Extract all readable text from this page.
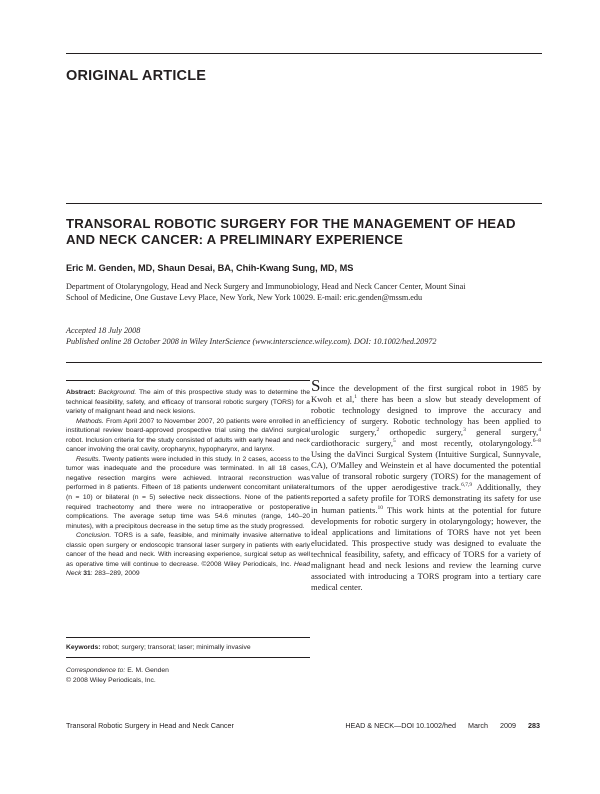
ORIGINAL ARTICLE
TRANSORAL ROBOTIC SURGERY FOR THE MANAGEMENT OF HEAD AND NECK CANCER: A PRELIMINARY EXPERIENCE
Eric M. Genden, MD, Shaun Desai, BA, Chih-Kwang Sung, MD, MS
Department of Otolaryngology, Head and Neck Surgery and Immunobiology, Head and Neck Cancer Center, Mount Sinai School of Medicine, One Gustave Levy Place, New York, New York 10029. E-mail: eric.genden@mssm.edu
Accepted 18 July 2008
Published online 28 October 2008 in Wiley InterScience (www.interscience.wiley.com). DOI: 10.1002/hed.20972

Abstract: Background. The aim of this prospective study was to determine the technical feasibility, safety, and efficacy of transoral robotic surgery (TORS) for a variety of malignant head and neck lesions.

Methods. From April 2007 to November 2007, 20 patients were enrolled in an institutional review board-approved prospective trial using the daVinci surgical robot. Inclusion criteria for the study consisted of adults with early head and neck cancer involving the oral cavity, oropharynx, hypopharynx, and larynx.

Results. Twenty patients were included in this study. In 2 cases, access to the tumor was inadequate and the procedure was terminated. In all 18 cases, negative resection margins were achieved. Intraoral reconstruction was performed in 8 patients. Fifteen of 18 patients underwent concomitant unilateral (n = 10) or bilateral (n = 5) selective neck dissections. None of the patients required tracheotomy and there were no intraoperative or postoperative complications. The average setup time was 54.6 minutes (range, 140–20 minutes), with a precipitous decrease in the setup time as the study progressed.

Conclusion. TORS is a safe, feasible, and minimally invasive alternative to classic open surgery or endoscopic transoral laser surgery in patients with early cancer of the head and neck. With increasing experience, surgical setup as well as operative time will continue to decrease. ©2008 Wiley Periodicals, Inc. Head Neck 31: 283–289, 2009

Keywords: robot; surgery; transoral; laser; minimally invasive
Correspondence to: E. M. Genden
© 2008 Wiley Periodicals, Inc.
Since the development of the first surgical robot in 1985 by Kwoh et al,$^1$ there has been a slow but steady development of robotic technology designed to improve the accuracy and efficiency of surgery. Robotic technology has been applied to urologic surgery,$^2$ orthopedic surgery,$^3$ general surgery,$^4$ cardiothoracic surgery,$^5$ and most recently, otolaryngology.$^{6-8}$ Using the daVinci Surgical System (Intuitive Surgical, Sunnyvale, CA), O'Malley and Weinstein et al have documented the potential value of transoral robotic surgery (TORS) for the management of tumors of the upper aerodigestive track.$^{6,7,9}$ Additionally, they reported a safety profile for TORS demonstrating its safety for use in human patients.$^{10}$ This work hints at the potential for future developments for robotic surgery in otolaryngology; however, the ideal applications and limitations of TORS have not yet been elucidated. This prospective study was designed to evaluate the technical feasibility, safety, and efficacy of TORS for a variety of malignant head and neck lesions and review the learning curve associated with introducing a TORS program into a tertiary care medical center.
Transoral Robotic Surgery in Head and Neck Cancer	HEAD & NECK—DOI 10.1002/hed March 2009 283
